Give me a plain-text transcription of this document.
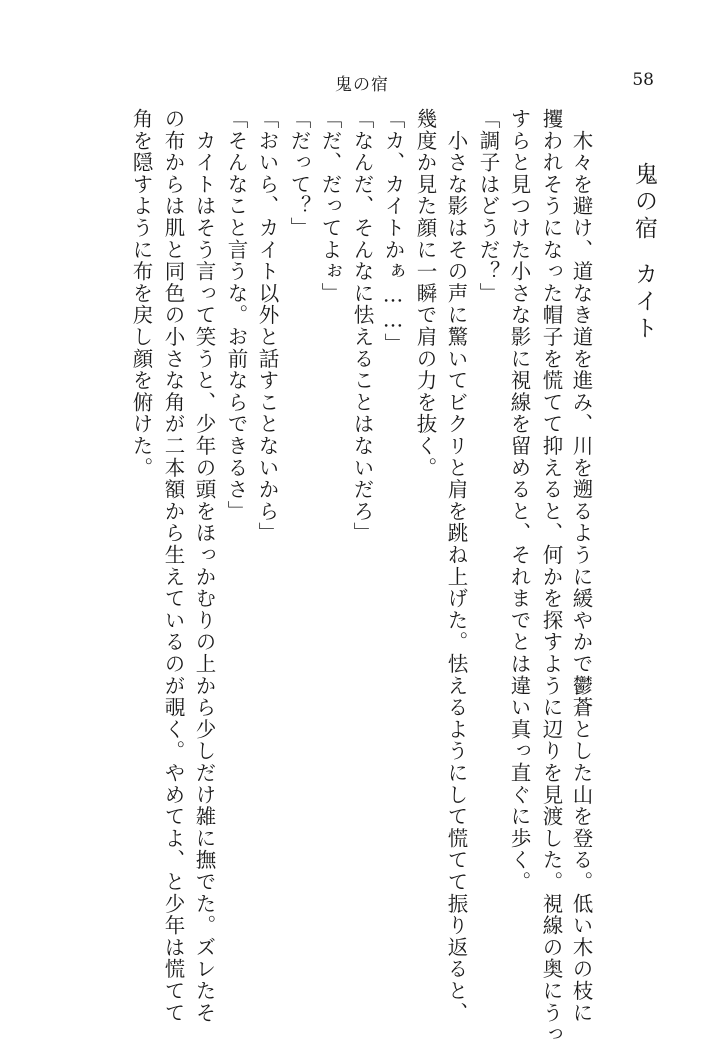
鬼の宿	58
鬼の宿
カイト
　木々を避け、道なき道を進み、川を遡るように緩やかで鬱蒼とした山を登る。低い木の枝に
攫われそうになった帽子を慌てて抑えると、何かを探すように辺りを見渡した。視線の奥にうっ
すらと見つけた小さな影に視線を留めると、それまでとは違い真っ直ぐに歩く。
「調子はどうだ？」
　小さな影はその声に驚いてビクリと肩を跳ね上げた。怯えるようにして慌てて振り返ると、
幾度か見た顔に一瞬で肩の力を抜く。
「カ、カイトかぁ……」
「なんだ、そんなに怯えることはないだろ」
「だ、だってよぉ」
「だって？」
「おいら、カイト以外と話すことないから」
「そんなこと言うな。お前ならできるさ」
　カイトはそう言って笑うと、少年の頭をほっかむりの上から少しだけ雑に撫でた。ズレたそ
の布からは肌と同色の小さな角が二本額から生えているのが覗く。やめてよ、と少年は慌てて
角を隠すように布を戻し顔を俯けた。
